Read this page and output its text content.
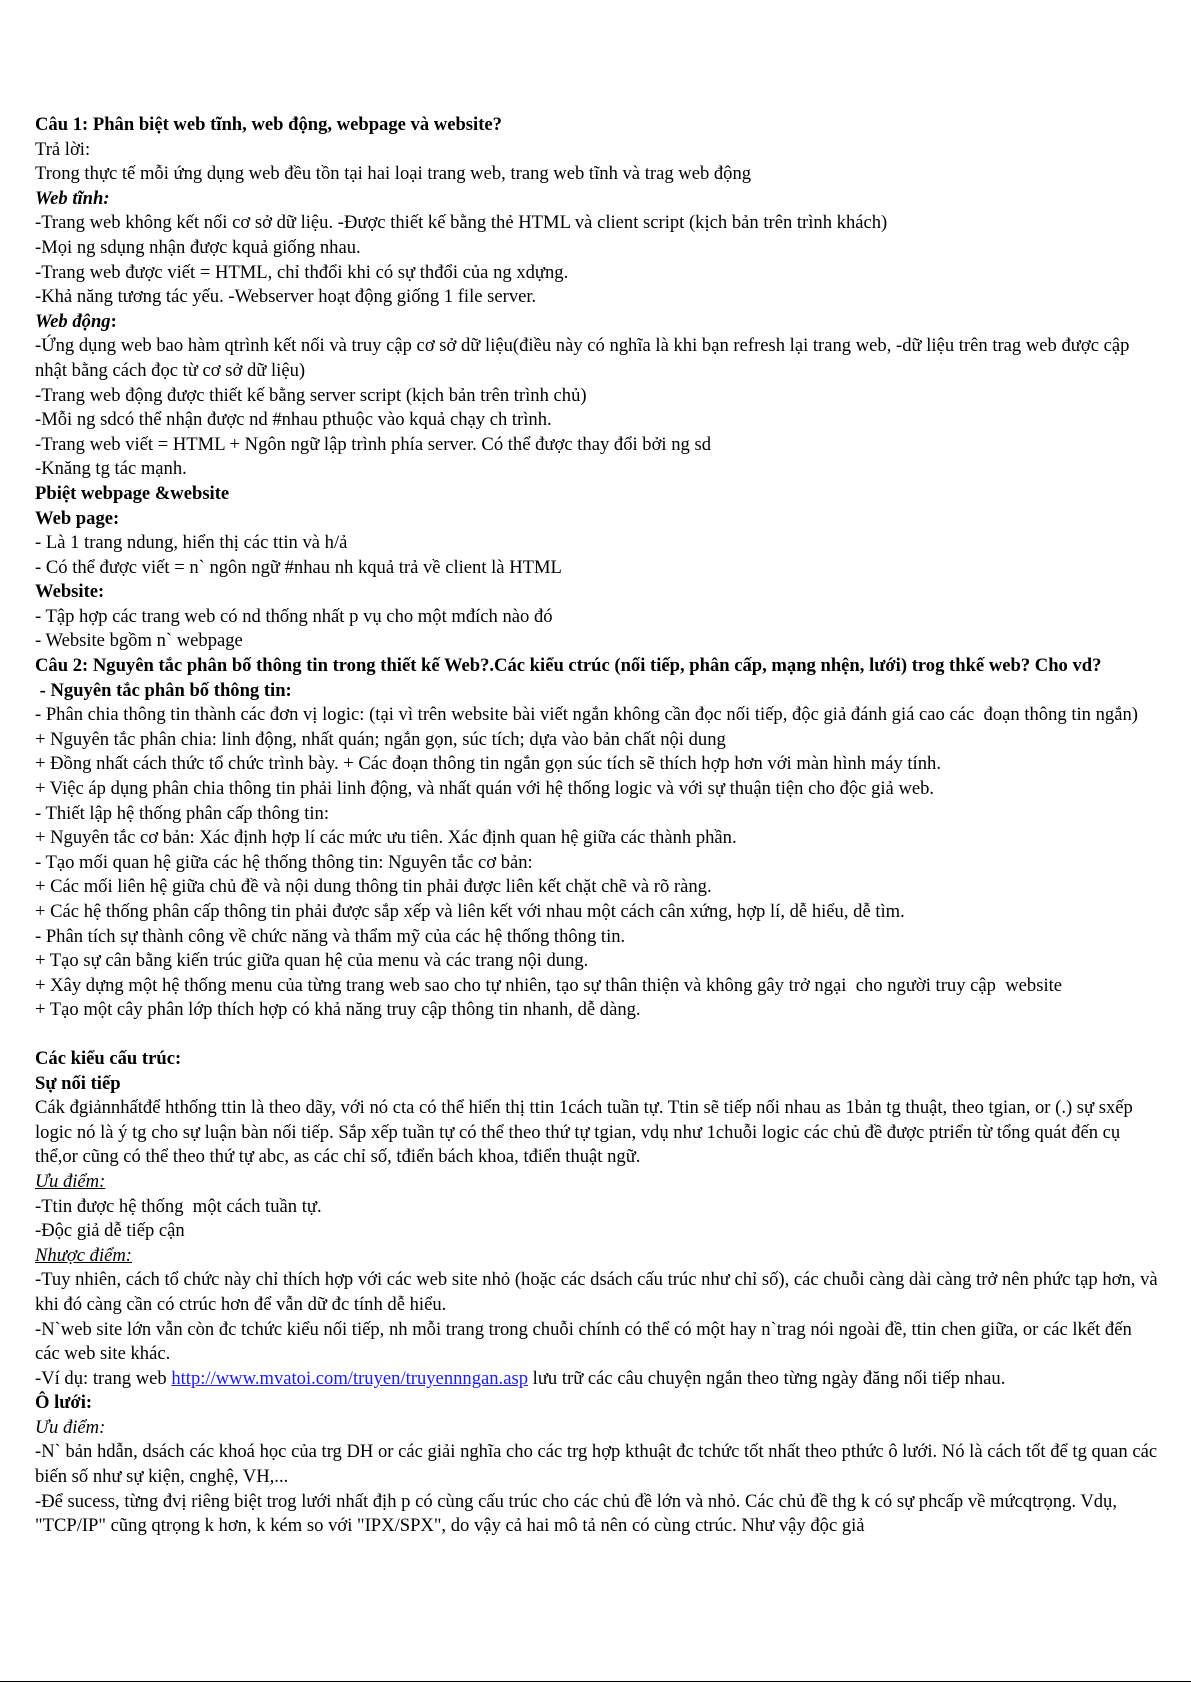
Câu 1: Phân biệt web tĩnh, web động, webpage và website?

Trả lời:

Trong thực tế mỗi ứng dụng web đều tồn tại hai loại trang web, trang web tĩnh và trag web động

Web tĩnh:

-Trang web không kết nối cơ sở dữ liệu. -Được thiết kế bằng thẻ HTML và client script (kịch bản trên trình khách)

-Mọi ng sdụng nhận được kquả giống nhau.

-Trang web được viết = HTML, chỉ thđổi khi có sự thđổi của ng xdựng.

-Khả năng tương tác yếu. -Webserver hoạt động giống 1 file server.

Web động:

-Ứng dụng web bao hàm qtrình kết nối và truy cập cơ sở dữ liệu(điều này có nghĩa là khi bạn refresh lại trang web, -dữ liệu trên trag web được cập nhật bằng cách đọc từ cơ sở dữ liệu)

-Trang web động được thiết kế bằng server script (kịch bản trên trình chủ)

-Mỗi ng sdcó thể nhận được nd #nhau pthuộc vào kquả chạy ch trình.

-Trang web viết = HTML + Ngôn ngữ lập trình phía server. Có thể được thay đổi bởi ng sd

-Knăng tg tác mạnh.

Pbiệt webpage &website

Web page:

- Là 1 trang ndung, hiển thị các ttin và h/ả

- Có thể được viết = n` ngôn ngữ #nhau nh kquả trả về client là HTML

Website:

- Tập hợp các trang web có nd thống nhất p vụ cho một mđích nào đó

- Website bgồm n` webpage

Câu 2: Nguyên tắc phân bố thông tin trong thiết kế Web?.Các kiểu ctrúc (nối tiếp, phân cấp, mạng nhện, lưới) trog thkế web? Cho vd?

- Nguyên tắc phân bố thông tin:

- Phân chia thông tin thành các đơn vị logic: (tại vì trên website bài viết ngắn không cần đọc nối tiếp, độc giả đánh giá cao các  đoạn thông tin ngắn)

+ Nguyên tắc phân chia: linh động, nhất quán; ngắn gọn, súc tích; dựa vào bản chất nội dung

+ Đồng nhất cách thức tổ chức trình bày. + Các đoạn thông tin ngắn gọn súc tích sẽ thích hợp hơn với màn hình máy tính.

+ Việc áp dụng phân chia thông tin phải linh động, và nhất quán với hệ thống logic và với sự thuận tiện cho độc giả web.

- Thiết lập hệ thống phân cấp thông tin:

+ Nguyên tắc cơ bản: Xác định hợp lí các mức ưu tiên. Xác định quan hệ giữa các thành phần.

- Tạo mối quan hệ giữa các hệ thống thông tin: Nguyên tắc cơ bản:

+ Các mối liên hệ giữa chủ đề và nội dung thông tin phải được liên kết chặt chẽ và rõ ràng.

+ Các hệ thống phân cấp thông tin phải được sắp xếp và liên kết với nhau một cách cân xứng, hợp lí, dễ hiểu, dễ tìm.

- Phân tích sự thành công về chức năng và thẩm mỹ của các hệ thống thông tin.

+ Tạo sự cân bằng kiến trúc giữa quan hệ của menu và các trang nội dung.

+ Xây dựng một hệ thống menu của từng trang web sao cho tự nhiên, tạo sự thân thiện và không gây trở ngại  cho người truy cập  website

+ Tạo một cây phân lớp thích hợp có khả năng truy cập thông tin nhanh, dễ dàng.

Các kiểu cấu trúc:

Sự nối tiếp

Cák đgiảnnhấtđể hthống ttin là theo dãy, với nó cta có thể hiển thị ttin 1cách tuần tự. Ttin sẽ tiếp nối nhau as 1bản tg thuật, theo tgian, or (.) sự sxếp logic nó là ý tg cho sự luận bàn nối tiếp. Sắp xếp tuần tự có thể theo thứ tự tgian, vdụ như 1chuỗi logic các chủ đề được ptriển từ tổng quát đến cụ thể,or cũng có thể theo thứ tự abc, as các chỉ số, tđiển bách khoa, tđiển thuật ngữ.

Ưu điểm:

-Ttin được hệ thống  một cách tuần tự.

-Độc giả dễ tiếp cận

Nhược điểm:

-Tuy nhiên, cách tổ chức này chỉ thích hợp với các web site nhỏ (hoặc các dsách cấu trúc như chỉ số), các chuỗi càng dài càng trở nên phức tạp hơn, và khi đó càng cần có ctrúc hơn để vẫn dữ đc tính dễ hiểu.

-N`web site lớn vẫn còn đc tchức kiểu nối tiếp, nh mỗi trang trong chuỗi chính có thể có một hay n`trag nói ngoài đề, ttin chen giữa, or các lkết đến các web site khác.

-Ví dụ: trang web http://www.mvatoi.com/truyen/truyennngan.asp lưu trữ các câu chuyện ngắn theo từng ngày đăng nối tiếp nhau.

Ô lưới:

Ưu điểm:

-N` bản hdẫn, dsách các khoá học của trg DH or các giải nghĩa cho các trg hợp kthuật đc tchức tốt nhất theo pthức ô lưới. Nó là cách tốt để tg quan các biến số như sự kiện, cnghệ, VH,...

-Để sucess, từng đvị riêng biệt trog lưới nhất địh p có cùng cấu trúc cho các chủ đề lớn và nhỏ. Các chủ đề thg k có sự phcấp về mứcqtrọng. Vdụ, "TCP/IP" cũng qtrọng k hơn, k kém so với "IPX/SPX", do vậy cả hai mô tả nên có cùng ctrúc. Như vậy độc giả
